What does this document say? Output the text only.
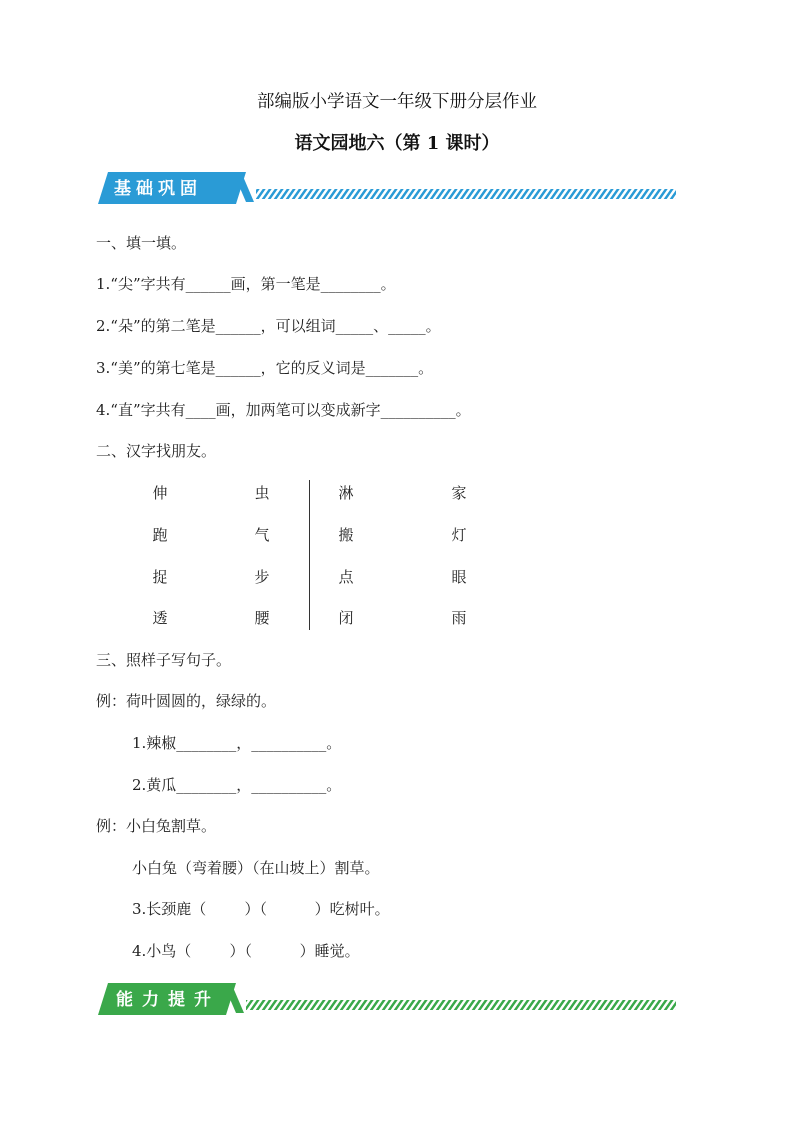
部编版小学语文一年级下册分层作业
语文园地六（第 1 课时）
基础巩固
一、填一填。
1.“尖”字共有______画，第一笔是________。
2.“朵”的第二笔是______，可以组词_____、_____。
3.“美”的第七笔是______，它的反义词是_______。
4.“直”字共有____画，加两笔可以变成新字__________。
二、汉字找朋友。
伸
跑
捉
透
虫
气
步
腰
淋
搬
点
闭
家
灯
眼
雨
三、照样子写句子。
例：荷叶圆圆的，绿绿的。
1.辣椒________，__________。
2.黄瓜________，__________。
例：小白兔割草。
小白兔（弯着腰）（在山坡上）割草。
3.长颈鹿（        ）（          ）吃树叶。
4.小鸟（        ）（          ）睡觉。
能力提升
